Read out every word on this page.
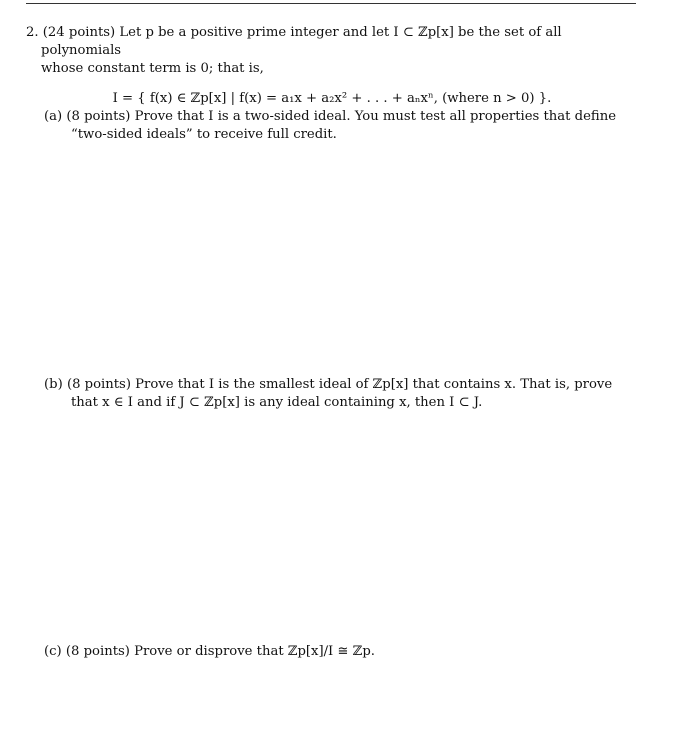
2. (24 points) Let p be a positive prime integer and let I ⊂ ℤp[x] be the set of all polynomials
whose constant term is 0; that is,
I = { f(x) ∈ ℤp[x] | f(x) = a₁x + a₂x² + . . . + aₙxⁿ, (where n > 0) }.
(a) (8 points) Prove that I is a two-sided ideal. You must test all properties that define “two-sided ideals” to receive full credit.
(b) (8 points) Prove that I is the smallest ideal of ℤp[x] that contains x. That is, prove that x ∈ I and if J ⊂ ℤp[x] is any ideal containing x, then I ⊂ J.
(c) (8 points) Prove or disprove that ℤp[x]/I ≅ ℤp.
